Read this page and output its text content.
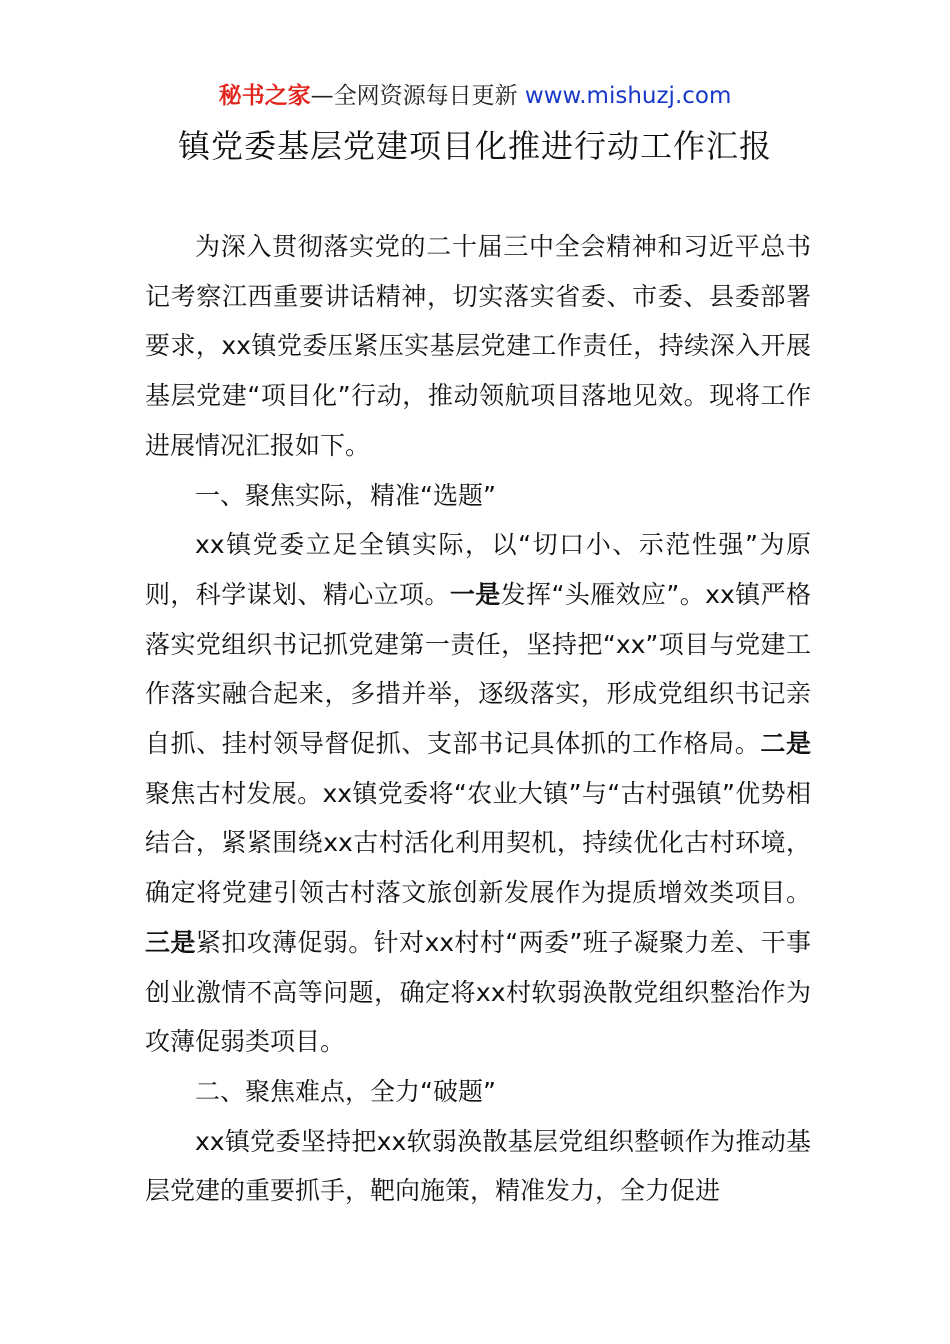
秘书之家—全网资源每日更新 www.mishuzj.com
镇党委基层党建项目化推进行动工作汇报

为深入贯彻落实党的二十届三中全会精神和习近平总书记考察江西重要讲话精神，切实落实省委、市委、县委部署要求，xx镇党委压紧压实基层党建工作责任，持续深入开展基层党建“项目化”行动，推动领航项目落地见效。现将工作进展情况汇报如下。

一、聚焦实际，精准“选题”

xx镇党委立足全镇实际，以“切口小、示范性强”为原则，科学谋划、精心立项。一是发挥“头雁效应”。xx镇严格落实党组织书记抓党建第一责任，坚持把“xx”项目与党建工作落实融合起来，多措并举，逐级落实，形成党组织书记亲自抓、挂村领导督促抓、支部书记具体抓的工作格局。二是聚焦古村发展。xx镇党委将“农业大镇”与“古村强镇”优势相结合，紧紧围绕xx古村活化利用契机，持续优化古村环境，确定将党建引领古村落文旅创新发展作为提质增效类项目。三是紧扣攻薄促弱。针对xx村村“两委”班子凝聚力差、干事创业激情不高等问题，确定将xx村软弱涣散党组织整治作为攻薄促弱类项目。

二、聚焦难点，全力“破题”

xx镇党委坚持把xx软弱涣散基层党组织整顿作为推动基层党建的重要抓手，靶向施策，精准发力，全力促进
